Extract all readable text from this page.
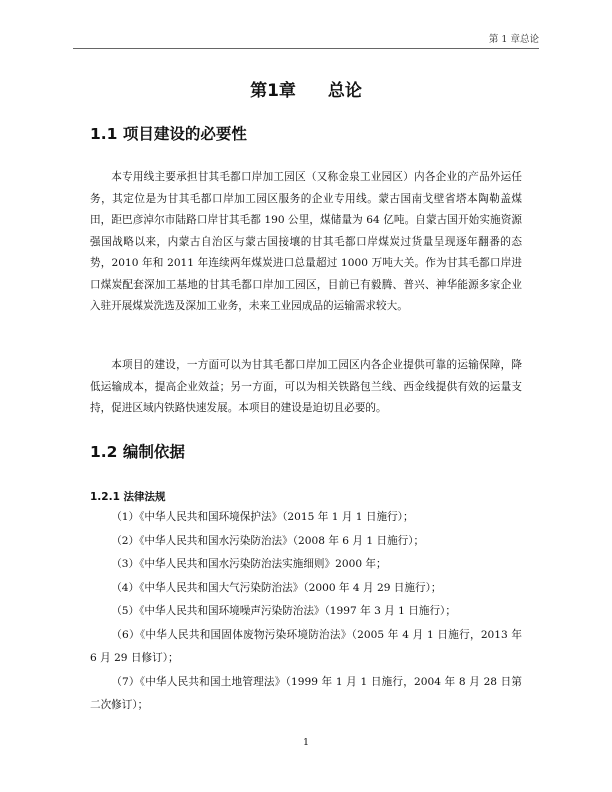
第 1 章总论
第1章 总论
1.1 项目建设的必要性

本专用线主要承担甘其毛都口岸加工园区（又称金泉工业园区）内各企业的产品外运任务，其定位是为甘其毛都口岸加工园区服务的企业专用线。蒙古国南戈壁省塔本陶勒盖煤田，距巴彦淖尔市陆路口岸甘其毛都 190 公里，煤储量为 64 亿吨。自蒙古国开始实施资源强国战略以来，内蒙古自治区与蒙古国接壤的甘其毛都口岸煤炭过货量呈现逐年翻番的态势，2010 年和 2011 年连续两年煤炭进口总量超过 1000 万吨大关。作为甘其毛都口岸进口煤炭配套深加工基地的甘其毛都口岸加工园区，目前已有毅腾、普兴、神华能源多家企业入驻开展煤炭洗选及深加工业务，未来工业园成品的运输需求较大。

本项目的建设，一方面可以为甘其毛都口岸加工园区内各企业提供可靠的运输保障，降低运输成本，提高企业效益；另一方面，可以为相关铁路包兰线、西金线提供有效的运量支持，促进区域内铁路快速发展。本项目的建设是迫切且必要的。

1.2 编制依据
1.2.1 法律法规
（1）《中华人民共和国环境保护法》（2015 年 1 月 1 日施行）；
（2）《中华人民共和国水污染防治法》（2008 年 6 月 1 日施行）；
（3）《中华人民共和国水污染防治法实施细则》2000 年；
（4）《中华人民共和国大气污染防治法》（2000 年 4 月 29 日施行）；
（5）《中华人民共和国环境噪声污染防治法》（1997 年 3 月 1 日施行）；
（6）《中华人民共和国固体废物污染环境防治法》（2005 年 4 月 1 日施行，2013 年 6 月 29 日修订）；
（7）《中华人民共和国土地管理法》（1999 年 1 月 1 日施行，2004 年 8 月 28 日第二次修订）；
1
